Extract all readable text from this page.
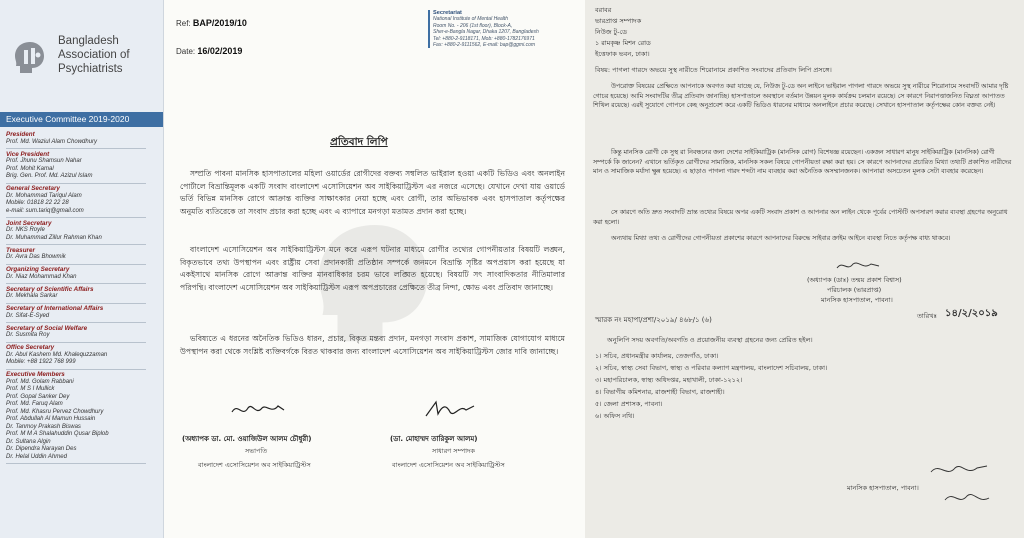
Bangladesh
Association of
Psychiatrists
Executive Committee 2019-2020
President
Prof. Md. Waziul Alam Chowdhury
Vice President
Prof. Jhunu Shamsun Nahar
Prof. Mohit Kamal
Brig. Gen. Prof. Md. Azizul Islam
General Secretary
Dr. Mohammad Tariqul Alam
Mobile: 01818 22 22 28
e-mail: sum.tariq@gmail.com
Joint Secretary
Dr. NKS Royle
Dr. Muhammad Zillur Rahman Khan
Treasurer
Dr. Avra Das Bhowmik
Organizing Secretary
Dr. Niaz Mohammad Khan
Secretary of Scientific Affairs
Dr. Mekhala Sarkar
Secretary of International Affairs
Dr. Sifat-E-Syed
Secretary of Social Welfare
Dr. Susmita Roy
Office Secretary
Dr. Abul Kashem Md. Khalequzzaman
Mobile: +88 1922 768 999
Executive Members
Prof. Md. Golam Rabbani
Prof. M S I Mullick
Prof. Gopal Sanker Dey
Prof. Md. Faruq Alam
Prof. Md. Khasru Pervez Chowdhury
Prof. Abdullah Al Mamun Hussain
Dr. Tanmoy Prakash Biswas
Prof. M M A Shalahuddin Qusar Biplob
Dr. Sultana Algin
Dr. Dipendra Narayan Des
Dr. Helal Uddin Ahmed
Ref: BAP/2019/10
Date: 16/02/2019
Secretariat
National Institute of Mental Health
Room No. - 206 (1st floor), Block-A,
Sher-e-Bangla Nagar, Dhaka 1207, Bangladesh
Tel: +880-2-9118171, Mob: +880-1782176971
Fax: +880-2-9111562, E-mail: bap@ggmi.com
প্রতিবাদ লিপি
সম্প্রতি পাবনা মানসিক হাসপাতালের মহিলা ওয়ার্ডের রোগীদের বক্তব্য সম্বলিত ভাইরাল হওয়া একটি ভিডিও এবং অনলাইন পোর্টালে বিভ্রান্তিমূলক একটি সংবাদ বাংলাদেশ এসোসিয়েশন অব সাইকিয়াট্রিস্টস এর নজরে এসেছে। যেখানে দেখা যায় ওয়ার্ডে ভর্তি বিভিন্ন মানসিক রোগে আক্রান্ত ব্যক্তির সাক্ষাৎকার নেয়া হচ্ছে এবং রোগী, তার অভিভাবক এবং হাসপাতাল কর্তৃপক্ষের অনুমতি ব্যতিরেকে তা সংবাদ প্রচার করা হচ্ছে এবং এ ব্যাপারে মনগড়া মতামত প্রদান করা হচ্ছে।
বাংলাদেশ এসোসিয়েশন অব সাইকিয়াট্রিস্টস মনে করে এরূপ ঘটনার মাধ্যমে রোগীর তথ্যের গোপনীয়তার বিষয়টি লঙ্ঘন, বিকৃতভাবে তথ্য উপস্থাপন এবং রাষ্ট্রীয় সেবা প্রদানকারী প্রতিষ্ঠান সম্পর্কে জনমনে বিভ্রান্তি সৃষ্টির অপপ্রয়াস করা হয়েছে যা একইসাথে মানসিক রোগে আক্রান্ত ব্যক্তির মানবাধিকার চরম ভাবে লঙ্ঘিত হয়েছে। বিষয়টি সৎ সাংবাদিকতার নীতিমালার পরিপন্থি। বাংলাদেশ এসোসিয়েশন অব সাইকিয়াট্রিস্টস এরূপ অপপ্রচারের প্রেক্ষিতে তীব্র নিন্দা, ক্ষোভ এবং প্রতিবাদ জানাচ্ছে।
ভবিষ্যতে এ ধরনের অনৈতিক ভিডিও ধারন, প্রচার, বিকৃত মন্তব্য প্রদান, মনগড়া সংবাদ প্রকাশ, সামাজিক যোগাযোগ মাধ্যমে উপস্থাপন করা থেকে সংশ্লিষ্ট ব্যক্তিবর্গকে বিরত থাকবার জন্য বাংলাদেশ এসোসিয়েশন অব সাইকিয়াট্রিস্টস জোর দাবি জানাচ্ছে।
(অধ্যাপক ডা. মো. ওয়াজিউল আলম চৌধুরী)
সভাপতি
বাংলাদেশ এসোসিয়েশন অব সাইকিয়াট্রিস্টস
(ডা. মোহাম্মদ তারিকুল আলম)
সাধারণ সম্পাদক
বাংলাদেশ এসোসিয়েশন অব সাইকিয়াট্রিস্টস
বরাবর
ভারপ্রাপ্ত সম্পাদক
নিউজ টু-ডে
১ রামকৃষ্ণ মিশন রোড
ইত্তেফাক ভবন, ঢাকা।
বিষয়: পাগলা গারদে অভয়ে সুস্থ নারীতে শিরোনামে প্রকাশিত সংবাদের প্রতিবাদ লিপি প্রসঙ্গে।
উপরোক্ত বিষয়ের প্রেক্ষিতে আপনাকে অবগত করা যাচ্ছে যে, নিউজ টু-ডে অন লাইনে ভাইরাল পাগলা গারদে অভয়ে সুস্থ নারীরে শিরোনামে সংবাদটি আমার দৃষ্টি গোচর হয়েছে। আমি সংবাদটির তীব্র প্রতিবাদ জানাচ্ছি। হাসপাতালে অবস্থানে বর্তমান উন্নয়ন মূলক কার্যক্রম চলমান রয়েছে। সে কারণে নিরাপত্তাজনিত বিঘ্নতা আপাতত শিথিল রয়েছে। এরই সুযোগে গোপনে কেহ অনুপ্রবেশ করে একটি ভিডিও ধারনের মাধ্যমে অনলাইনে প্রচার করেছে। সেখানে হাসপাতাল কর্তৃপক্ষের কোন বক্তব্য নেই।
কিন্তু মানসিক রোগী কে সুস্থ রা নিবন্ধনের জন্য দেশের সাইকিয়াট্রিক (মানসিক রোগ) বিশেষজ্ঞ রয়েছেন। একজন সাধারণ মানুষ সাইকিয়াট্রিক (মানসিক) রোগী সম্পর্কে কি জানেন? এখানে ভর্তিকৃত রোগীদের সামাজিক, মানসিক সকল বিষয়ে গোপনীয়তা রক্ষা করা হয়। সে কারণে আপনাদের প্রচারিত মিথ্যা তথ্যটি প্রকাশিত নারীদের মান ও সামাজিক মর্যাদা ক্ষুন্ন হয়েছে। এ ছাড়াও পাগলা গারদ শব্দটা নাম ব্যবহার করা অনৈতিক অসম্মানজনক। আপনারা অসচেতন মূলক সেটা ব্যবহার করেছেন।
সে কারণে অতি দ্রুত সংবাদটি ভ্রান্ত তথ্যের বিষয়ে অপর একটি সংবাদ প্রকাশ ও আপনার অন লাইন থেকে পূর্বের পোস্টটি অপসারণ করার ব্যবস্থা গ্রহণের অনুরোধ করা হলো।
অন্যথায় মিথ্যা তথ্য ও রোগীদের গোপনীয়তা প্রকাশের কারণে আপনাদের বিরুদ্ধে সাইবার ক্রাইম আইনে ব্যবস্থা নিতে কর্তৃপক্ষ বাধ্য থাকবে।
(অধ্যাপক (ডাঃ) তন্ময় প্রকাশ বিশ্বাস)
পরিচালক (ভারপ্রাপ্ত)
মানসিক হাসপাতাল, পাবনা।
স্মারক নং মহাপা/প্রশা/২০১৯/ ৪৬৮/১ (৬)	তারিখঃ ১৪/২/২০১৯
অনুলিপি সদয় অবগতি/অবগতি ও প্রয়োজনীয় ব্যবস্থা গ্রহনের জন্য প্রেরিত হইল।
১। সচিব, প্রধানমন্ত্রীর কার্যালয়, তেজগাঁও, ঢাকা।
২। সচিব, স্বাস্থ্য সেবা বিভাগ, স্বাস্থ্য ও পরিবার কল্যাণ মন্ত্রণালয়, বাংলাদেশ সচিবালয়, ঢাকা।
৩। মহাপরিচালক, স্বাস্থ্য অধিদপ্তর, মহাখালী, ঢাকা-১২১২।
৪। বিভাগীয় কমিশনার, রাজশাহী বিভাগ, রাজশাহী।
৫। জেলা প্রশাসক, পাবনা।
৬। অফিস নথি।
মানসিক হাসপাতাল, পাবনা।
